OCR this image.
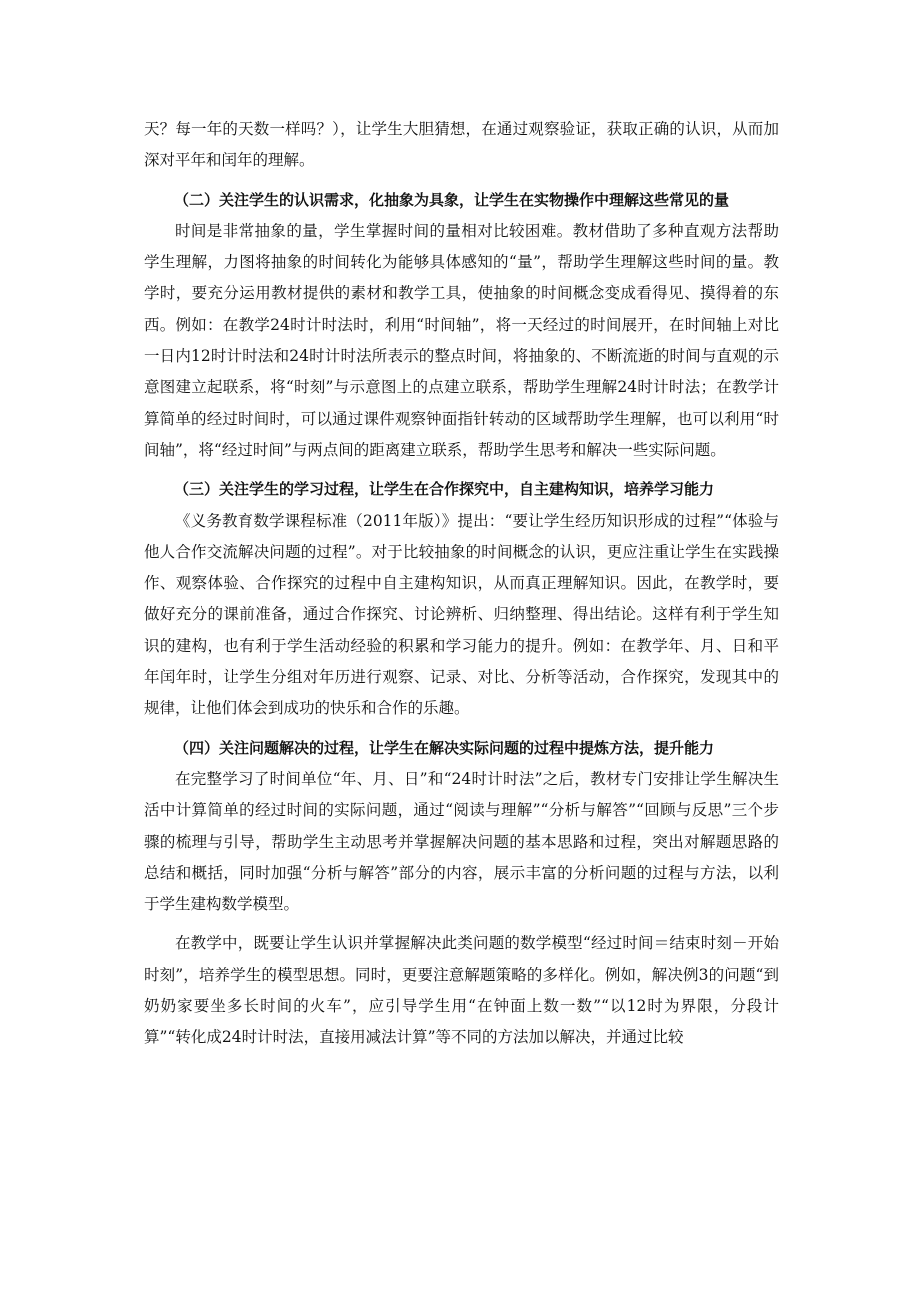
天？每一年的天数一样吗？），让学生大胆猜想，在通过观察验证，获取正确的认识，从而加深对平年和闰年的理解。

（二）关注学生的认识需求，化抽象为具象，让学生在实物操作中理解这些常见的量

时间是非常抽象的量，学生掌握时间的量相对比较困难。教材借助了多种直观方法帮助学生理解，力图将抽象的时间转化为能够具体感知的“量”，帮助学生理解这些时间的量。教学时，要充分运用教材提供的素材和教学工具，使抽象的时间概念变成看得见、摸得着的东西。例如：在教学24时计时法时，利用“时间轴”，将一天经过的时间展开，在时间轴上对比一日内12时计时法和24时计时法所表示的整点时间，将抽象的、不断流逝的时间与直观的示意图建立起联系，将“时刻”与示意图上的点建立联系，帮助学生理解24时计时法；在教学计算简单的经过时间时，可以通过课件观察钟面指针转动的区域帮助学生理解，也可以利用“时间轴”，将“经过时间”与两点间的距离建立联系，帮助学生思考和解决一些实际问题。

（三）关注学生的学习过程，让学生在合作探究中，自主建构知识，培养学习能力

《义务教育数学课程标准（2011年版）》提出：“要让学生经历知识形成的过程”“体验与他人合作交流解决问题的过程”。对于比较抽象的时间概念的认识，更应注重让学生在实践操作、观察体验、合作探究的过程中自主建构知识，从而真正理解知识。因此，在教学时，要做好充分的课前准备，通过合作探究、讨论辨析、归纳整理、得出结论。这样有利于学生知识的建构，也有利于学生活动经验的积累和学习能力的提升。例如：在教学年、月、日和平年闰年时，让学生分组对年历进行观察、记录、对比、分析等活动，合作探究，发现其中的规律，让他们体会到成功的快乐和合作的乐趣。

（四）关注问题解决的过程，让学生在解决实际问题的过程中提炼方法，提升能力

在完整学习了时间单位“年、月、日”和“24时计时法”之后，教材专门安排让学生解决生活中计算简单的经过时间的实际问题，通过“阅读与理解”“分析与解答”“回顾与反思”三个步骤的梳理与引导，帮助学生主动思考并掌握解决问题的基本思路和过程，突出对解题思路的总结和概括，同时加强“分析与解答”部分的内容，展示丰富的分析问题的过程与方法，以利于学生建构数学模型。

在教学中，既要让学生认识并掌握解决此类问题的数学模型“经过时间＝结束时刻－开始时刻”，培养学生的模型思想。同时，更要注意解题策略的多样化。例如，解决例3的问题“到奶奶家要坐多长时间的火车”，应引导学生用“在钟面上数一数”“以12时为界限，分段计算”“转化成24时计时法，直接用减法计算”等不同的方法加以解决，并通过比较
